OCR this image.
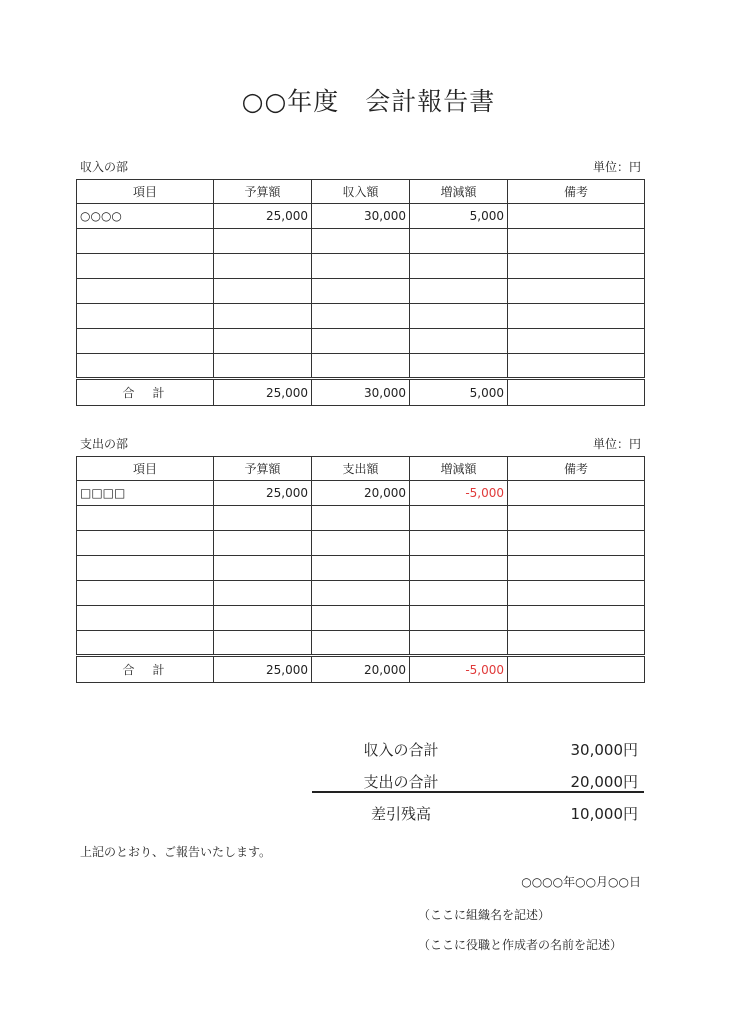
○○年度　会計報告書
収入の部	単位：円
項目	予算額	収入額	増減額	備考
○○○○	25,000	30,000	5,000	

合計	25,000	30,000	5,000	
支出の部	単位：円
項目	予算額	支出額	増減額	備考
□□□□	25,000	20,000	-5,000	

合計	25,000	20,000	-5,000	
収入の合計	30,000円
支出の合計	20,000円
差引残高	10,000円
上記のとおり、ご報告いたします。
○○○○年○○月○○日
（ここに組織名を記述）
（ここに役職と作成者の名前を記述）
